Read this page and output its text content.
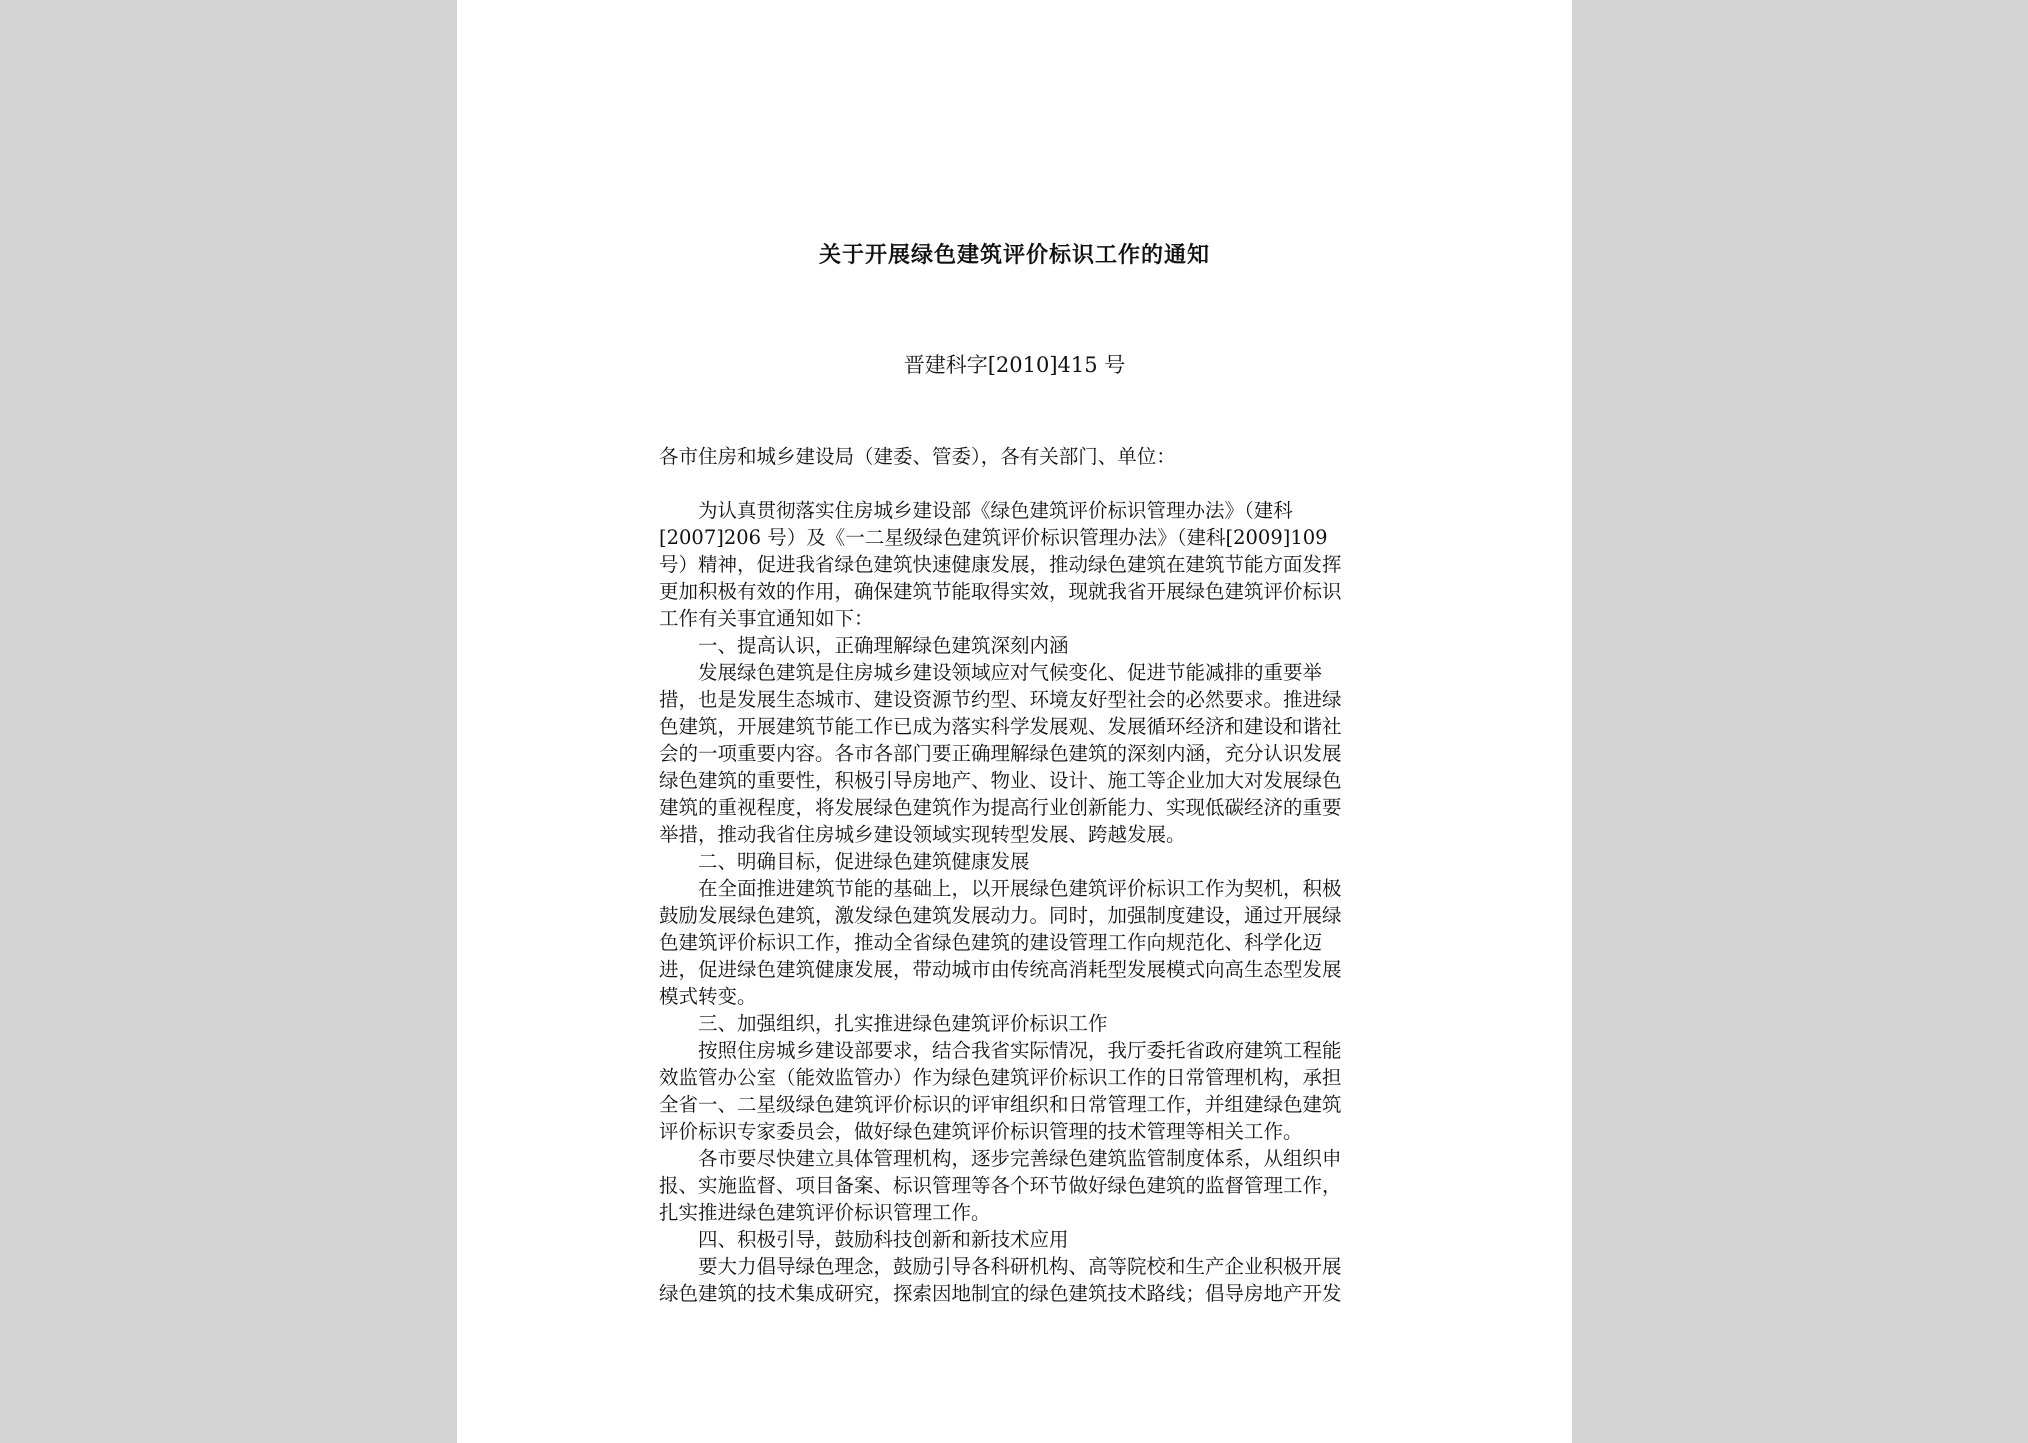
关于开展绿色建筑评价标识工作的通知
晋建科字[2010]415 号

各市住房和城乡建设局（建委、管委），各有关部门、单位：

为认真贯彻落实住房城乡建设部《绿色建筑评价标识管理办法》（建科[2007]206 号）及《一二星级绿色建筑评价标识管理办法》（建科[2009]109 号）精神，促进我省绿色建筑快速健康发展，推动绿色建筑在建筑节能方面发挥更加积极有效的作用，确保建筑节能取得实效，现就我省开展绿色建筑评价标识工作有关事宜通知如下：

一、提高认识，正确理解绿色建筑深刻内涵

发展绿色建筑是住房城乡建设领域应对气候变化、促进节能减排的重要举措，也是发展生态城市、建设资源节约型、环境友好型社会的必然要求。推进绿色建筑，开展建筑节能工作已成为落实科学发展观、发展循环经济和建设和谐社会的一项重要内容。各市各部门要正确理解绿色建筑的深刻内涵，充分认识发展绿色建筑的重要性，积极引导房地产、物业、设计、施工等企业加大对发展绿色建筑的重视程度，将发展绿色建筑作为提高行业创新能力、实现低碳经济的重要举措，推动我省住房城乡建设领域实现转型发展、跨越发展。

二、明确目标，促进绿色建筑健康发展

在全面推进建筑节能的基础上，以开展绿色建筑评价标识工作为契机，积极鼓励发展绿色建筑，激发绿色建筑发展动力。同时，加强制度建设，通过开展绿色建筑评价标识工作，推动全省绿色建筑的建设管理工作向规范化、科学化迈进，促进绿色建筑健康发展，带动城市由传统高消耗型发展模式向高生态型发展模式转变。

三、加强组织，扎实推进绿色建筑评价标识工作

按照住房城乡建设部要求，结合我省实际情况，我厅委托省政府建筑工程能效监管办公室（能效监管办）作为绿色建筑评价标识工作的日常管理机构，承担全省一、二星级绿色建筑评价标识的评审组织和日常管理工作，并组建绿色建筑评价标识专家委员会，做好绿色建筑评价标识管理的技术管理等相关工作。

各市要尽快建立具体管理机构，逐步完善绿色建筑监管制度体系，从组织申报、实施监督、项目备案、标识管理等各个环节做好绿色建筑的监督管理工作，扎实推进绿色建筑评价标识管理工作。

四、积极引导，鼓励科技创新和新技术应用

要大力倡导绿色理念，鼓励引导各科研机构、高等院校和生产企业积极开展绿色建筑的技术集成研究，探索因地制宜的绿色建筑技术路线；倡导房地产开发
